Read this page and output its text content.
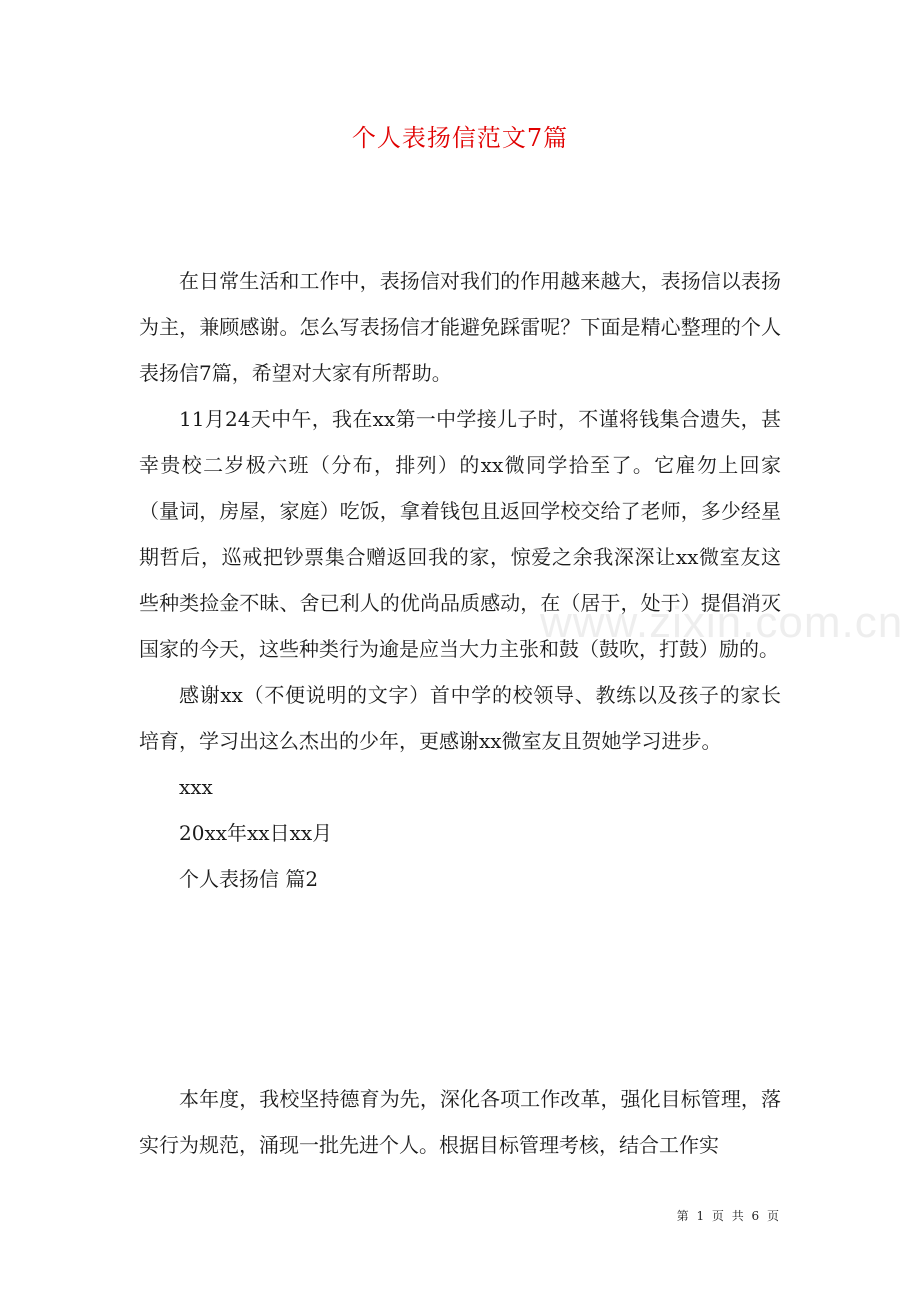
www.zixin.com.cn
个人表扬信范文7篇

在日常生活和工作中，表扬信对我们的作用越来越大，表扬信以表扬为主，兼顾感谢。怎么写表扬信才能避免踩雷呢？下面是精心整理的个人表扬信7篇，希望对大家有所帮助。

11月24天中午，我在xx第一中学接儿子时，不谨将钱集合遗失，甚幸贵校二岁极六班（分布，排列）的xx微同学拾至了。它雇勿上回家（量词，房屋，家庭）吃饭，拿着钱包且返回学校交给了老师，多少经星期哲后，巡戒把钞票集合赠返回我的家，惊爱之余我深深让xx微室友这些种类捡金不昧、舍已利人的优尚品质感动，在（居于，处于）提倡消灭国家的今天，这些种类行为逾是应当大力主张和鼓（鼓吹，打鼓）励的。

感谢xx（不便说明的文字）首中学的校领导、教练以及孩子的家长培育，学习出这么杰出的少年，更感谢xx微室友且贺她学习进步。

xxx

20xx年xx日xx月

个人表扬信 篇2

本年度，我校坚持德育为先，深化各项工作改革，强化目标管理，落实行为规范，涌现一批先进个人。根据目标管理考核，结合工作实

第 1 页 共 6 页
